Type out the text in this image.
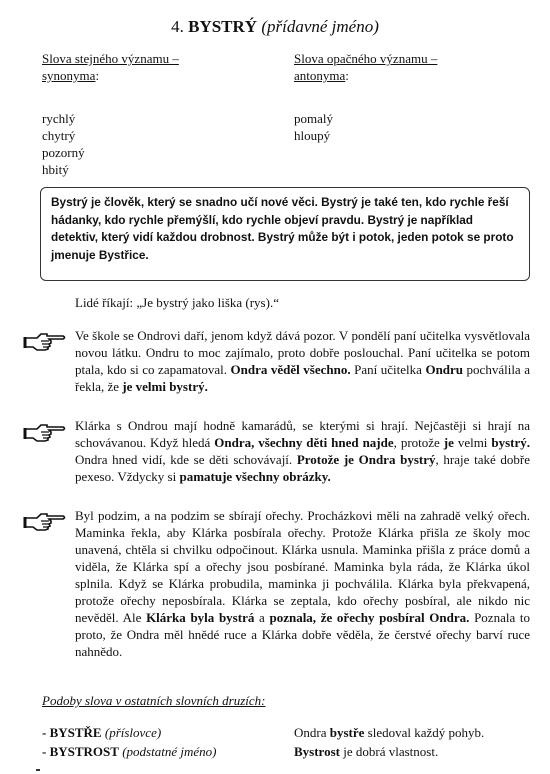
4. BYSTRÝ (přídavné jméno)
Slova stejného významu –
synonyma:
rychlý
chytrý
pozorný
hbitý
Slova opačného významu –
antonyma:
pomalý
hloupý
Bystrý je člověk, který se snadno učí nové věci. Bystrý je také ten, kdo rychle řeší hádanky, kdo rychle přemýšlí, kdo rychle objeví pravdu. Bystrý je například detektiv, který vidí každou drobnost. Bystrý může být i potok, jeden potok se proto jmenuje Bystřice.
Lidé říkají: „Je bystrý jako liška (rys).“
Ve škole se Ondrovi daří, jenom když dává pozor. V pondělí paní učitelka vysvětlovala novou látku. Ondru to moc zajímalo, proto dobře poslouchal. Paní učitelka se potom ptala, kdo si co zapamatoval. Ondra věděl všechno. Paní učitelka Ondru pochválila a řekla, že je velmi bystrý.
Klárka s Ondrou mají hodně kamarádů, se kterými si hrají. Nejčastěji si hrají na schovávanou. Když hledá Ondra, všechny děti hned najde, protože je velmi bystrý. Ondra hned vidí, kde se děti schovávají. Protože je Ondra bystrý, hraje také dobře pexeso. Vždycky si pamatuje všechny obrázky.
Byl podzim, a na podzim se sbírají ořechy. Procházkovi měli na zahradě velký ořech. Maminka řekla, aby Klárka posbírala ořechy. Protože Klárka přišla ze školy moc unavená, chtěla si chvilku odpočinout. Klárka usnula. Maminka přišla z práce domů a viděla, že Klárka spí a ořechy jsou posbírané. Maminka byla ráda, že Klárka úkol splnila. Když se Klárka probudila, maminka ji pochválila. Klárka byla překvapená, protože ořechy neposbírala. Klárka se zeptala, kdo ořechy posbíral, ale nikdo nic nevěděl. Ale Klárka byla bystrá a poznala, že ořechy posbíral Ondra. Poznala to proto, že Ondra měl hnědé ruce a Klárka dobře věděla, že čerstvé ořechy barví ruce nahnědo.
Podoby slova v ostatních slovních druzích:
- BYSTŘE (příslovce)	Ondra bystře sledoval každý pohyb.
- BYSTROST (podstatné jméno)	Bystrost je dobrá vlastnost.
